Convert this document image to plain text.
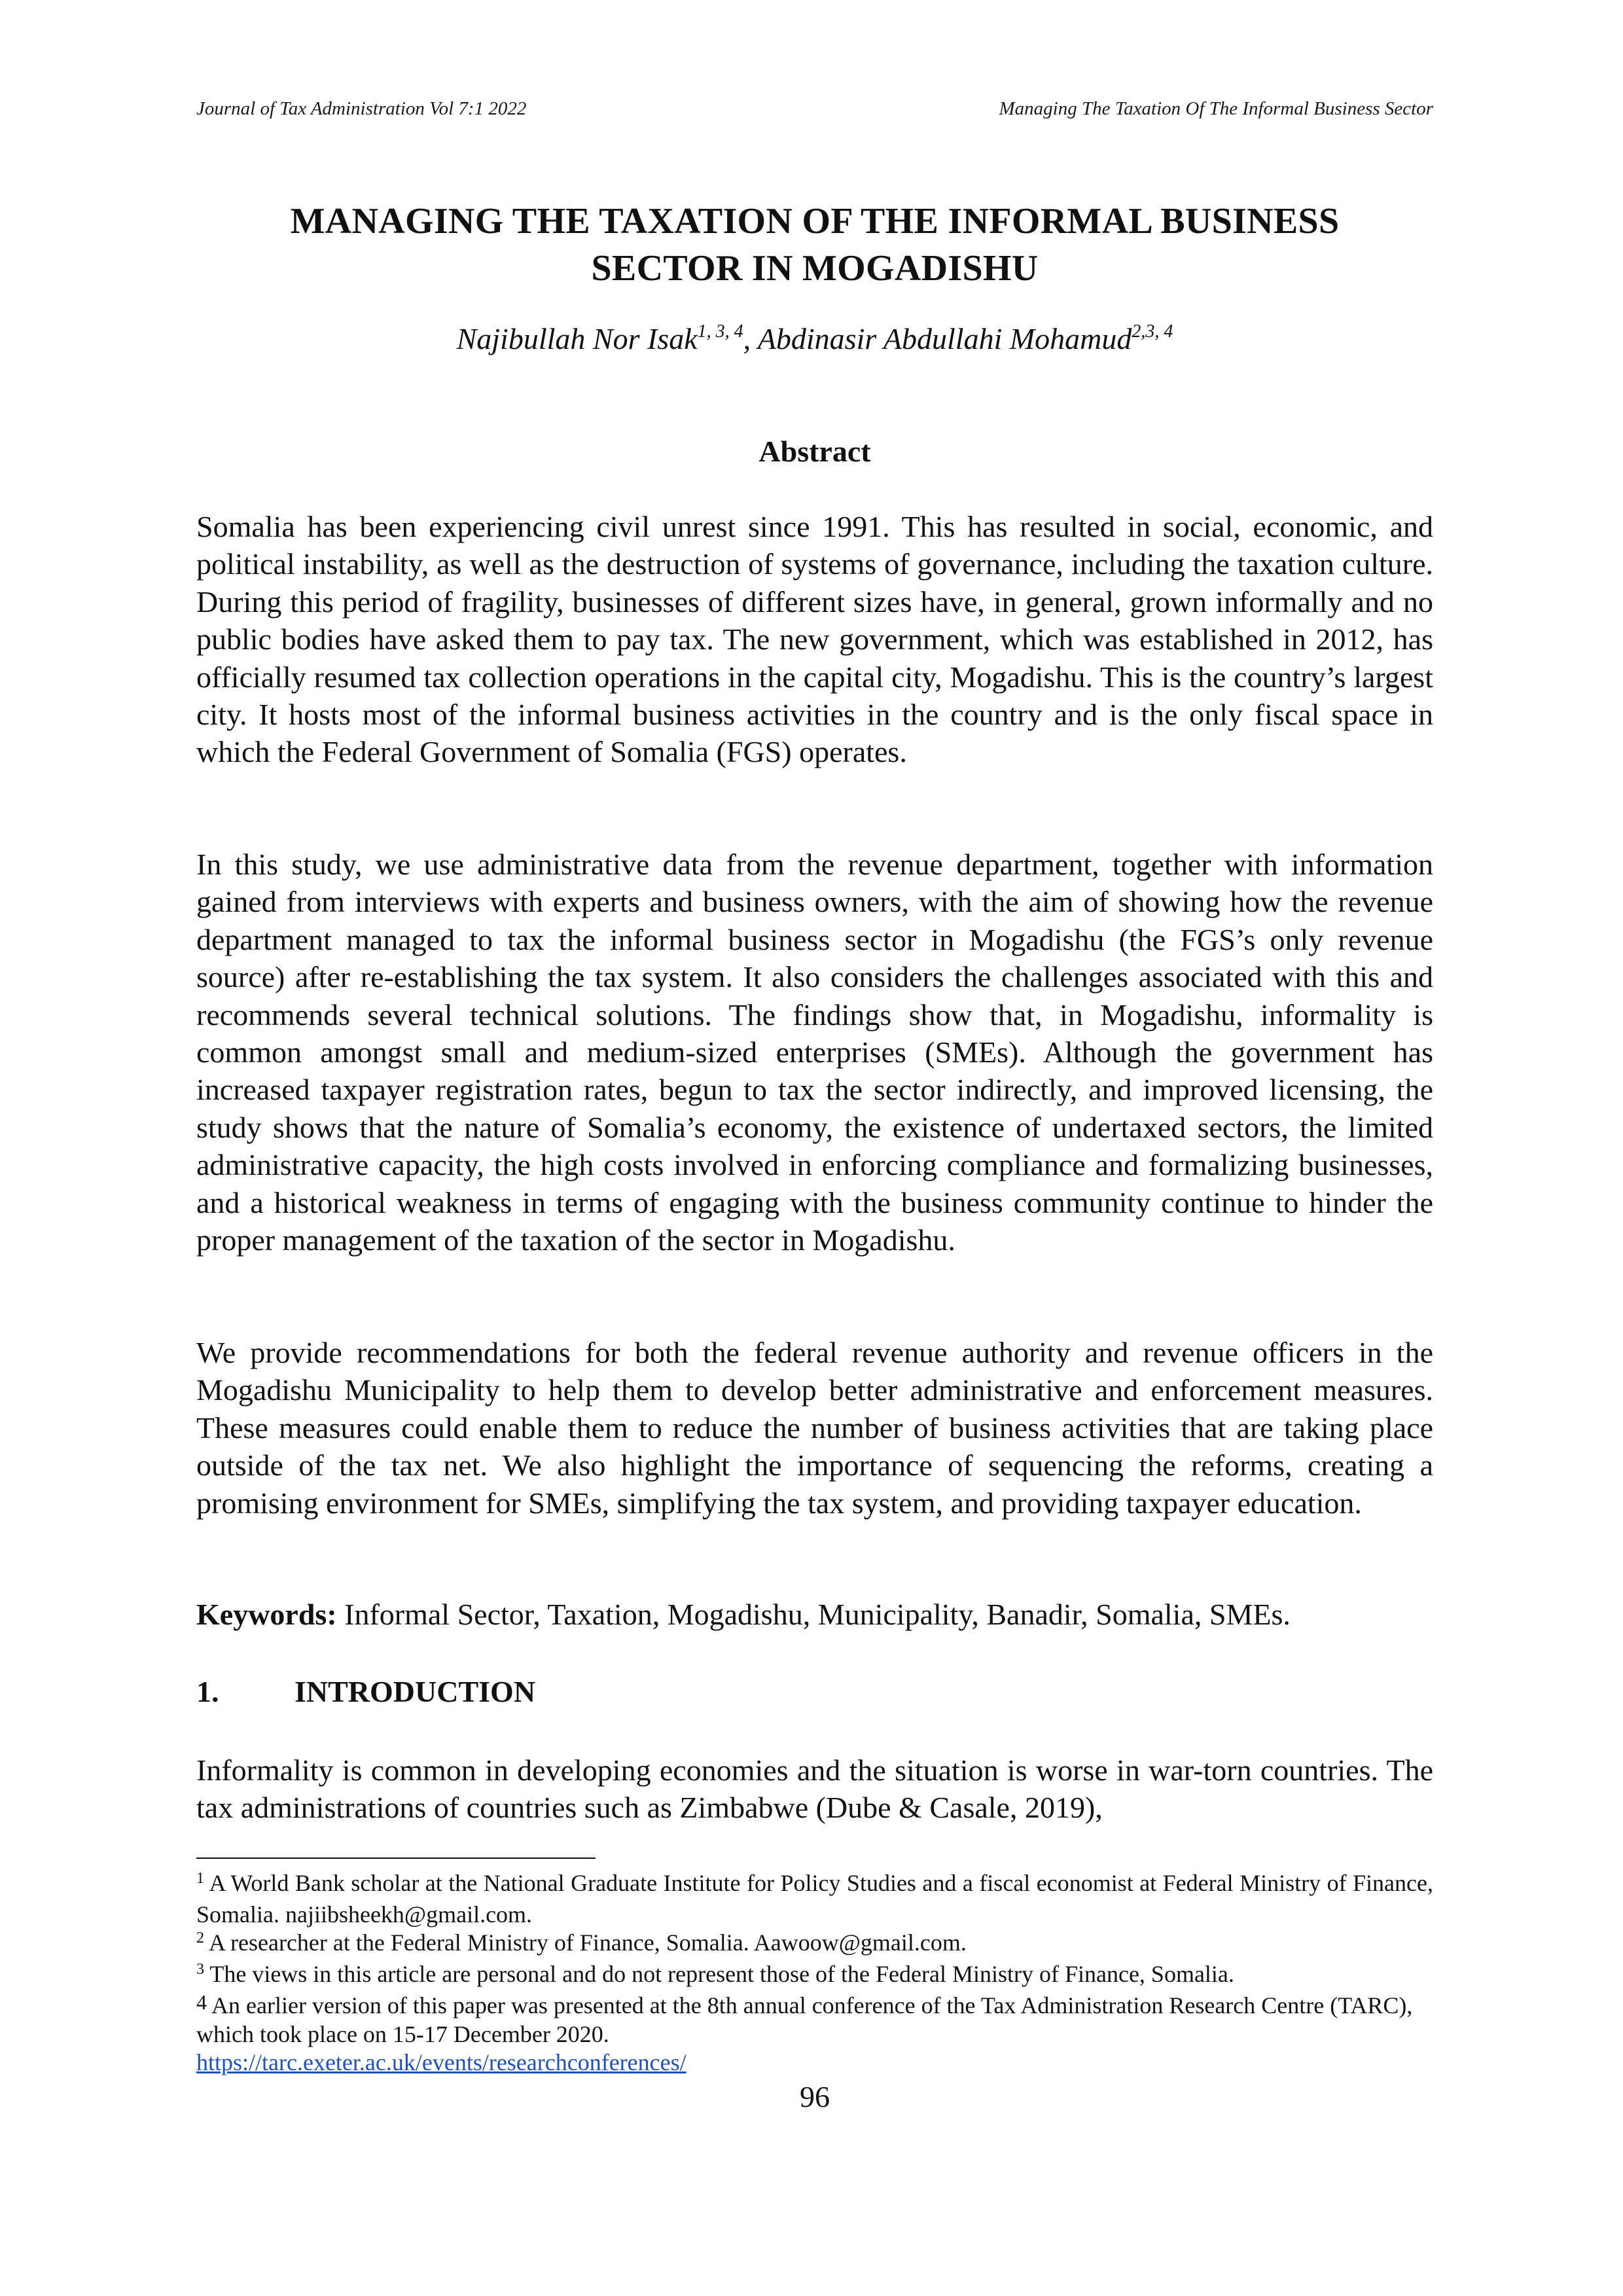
Journal of Tax Administration Vol 7:1 2022	Managing The Taxation Of The Informal Business Sector
MANAGING THE TAXATION OF THE INFORMAL BUSINESS
SECTOR IN MOGADISHU
Najibullah Nor Isak$^{1, 3, 4}$, Abdinasir Abdullahi Mohamud$^{2,3, 4}$
Abstract

Somalia has been experiencing civil unrest since 1991. This has resulted in social, economic, and political instability, as well as the destruction of systems of governance, including the taxation culture. During this period of fragility, businesses of different sizes have, in general, grown informally and no public bodies have asked them to pay tax. The new government, which was established in 2012, has officially resumed tax collection operations in the capital city, Mogadishu. This is the country’s largest city. It hosts most of the informal business activities in the country and is the only fiscal space in which the Federal Government of Somalia (FGS) operates.

In this study, we use administrative data from the revenue department, together with information gained from interviews with experts and business owners, with the aim of showing how the revenue department managed to tax the informal business sector in Mogadishu (the FGS’s only revenue source) after re-establishing the tax system. It also considers the challenges associated with this and recommends several technical solutions. The findings show that, in Mogadishu, informality is common amongst small and medium-sized enterprises (SMEs). Although the government has increased taxpayer registration rates, begun to tax the sector indirectly, and improved licensing, the study shows that the nature of Somalia’s economy, the existence of undertaxed sectors, the limited administrative capacity, the high costs involved in enforcing compliance and formalizing businesses, and a historical weakness in terms of engaging with the business community continue to hinder the proper management of the taxation of the sector in Mogadishu.

We provide recommendations for both the federal revenue authority and revenue officers in the Mogadishu Municipality to help them to develop better administrative and enforcement measures. These measures could enable them to reduce the number of business activities that are taking place outside of the tax net. We also highlight the importance of sequencing the reforms, creating a promising environment for SMEs, simplifying the tax system, and providing taxpayer education.

Keywords: Informal Sector, Taxation, Mogadishu, Municipality, Banadir, Somalia, SMEs.
1.	INTRODUCTION

Informality is common in developing economies and the situation is worse in war-torn countries. The tax administrations of countries such as Zimbabwe (Dube & Casale, 2019),

$^1$ A World Bank scholar at the National Graduate Institute for Policy Studies and a fiscal economist at Federal Ministry of Finance, Somalia. najiibsheekh@gmail.com.

$^2$ A researcher at the Federal Ministry of Finance, Somalia. Aawoow@gmail.com.

$^3$ The views in this article are personal and do not represent those of the Federal Ministry of Finance, Somalia.

$^4$ An earlier version of this paper was presented at the 8th annual conference of the Tax Administration Research Centre (TARC), which took place on 15-17 December 2020.
https://tarc.exeter.ac.uk/events/researchconferences/

96
